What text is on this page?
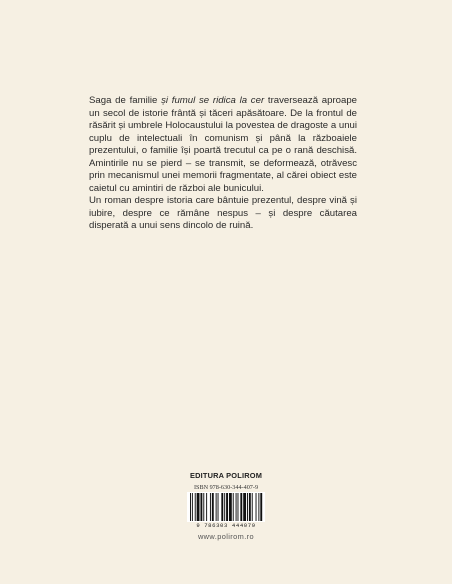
Saga de familie și fumul se ridica la cer traversează aproape un secol de istorie frântă și tăceri apăsătoare. De la frontul de răsărit și umbrele Holocaustului la povestea de dragoste a unui cuplu de intelectuali în comunism și până la războaiele prezentului, o familie își poartă trecutul ca pe o rană deschisă. Amintirile nu se pierd – se transmit, se deformează, otrăvesc prin mecanismul unei memorii fragmentate, al cărei obiect este caietul cu amintiri de război ale bunicului.

Un roman despre istoria care bântuie prezentul, despre vină și iubire, despre ce rămâne nespus – și despre căutarea disperată a unui sens dincolo de ruină.

EDITURA POLIROM
ISBN 978-630-344-407-9
9 786303 444079
www.polirom.ro
